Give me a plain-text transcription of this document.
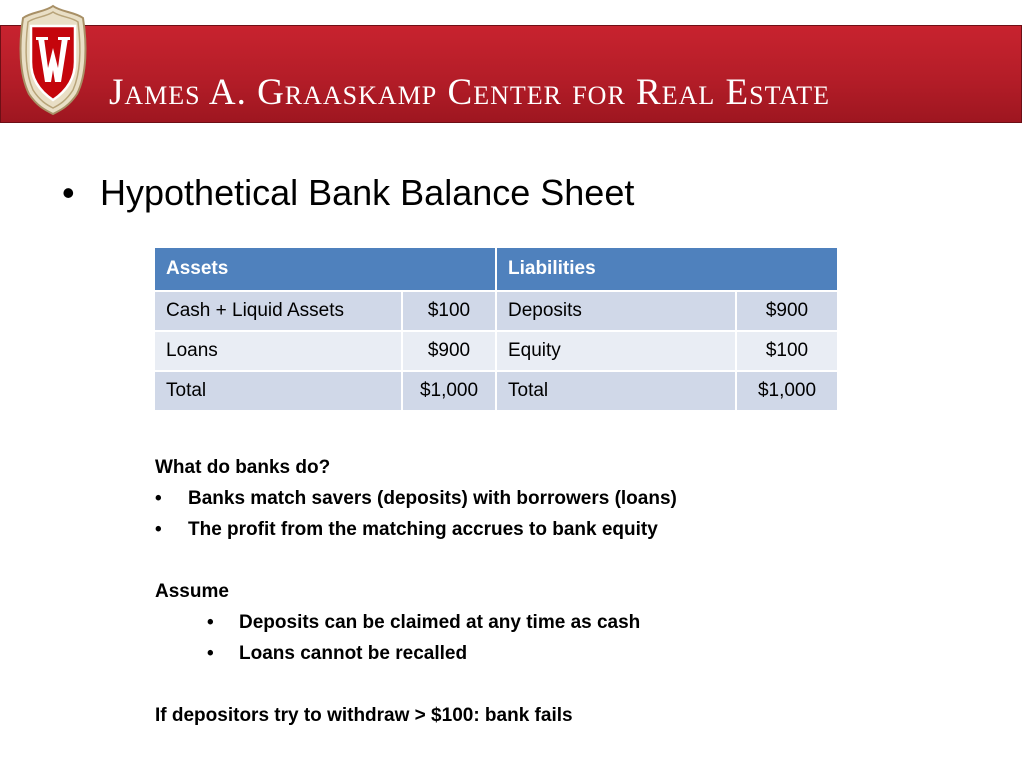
James A. Graaskamp Center for Real Estate
• Hypothetical Bank Balance Sheet
Assets		Liabilities	
Cash + Liquid Assets	$100	Deposits	$900
Loans	$900	Equity	$100
Total	$1,000	Total	$1,000
What do banks do?
• Banks match savers (deposits) with borrowers (loans)
• The profit from the matching accrues to bank equity
Assume
• Deposits can be claimed at any time as cash
• Loans cannot be recalled
If depositors try to withdraw > $100: bank fails
